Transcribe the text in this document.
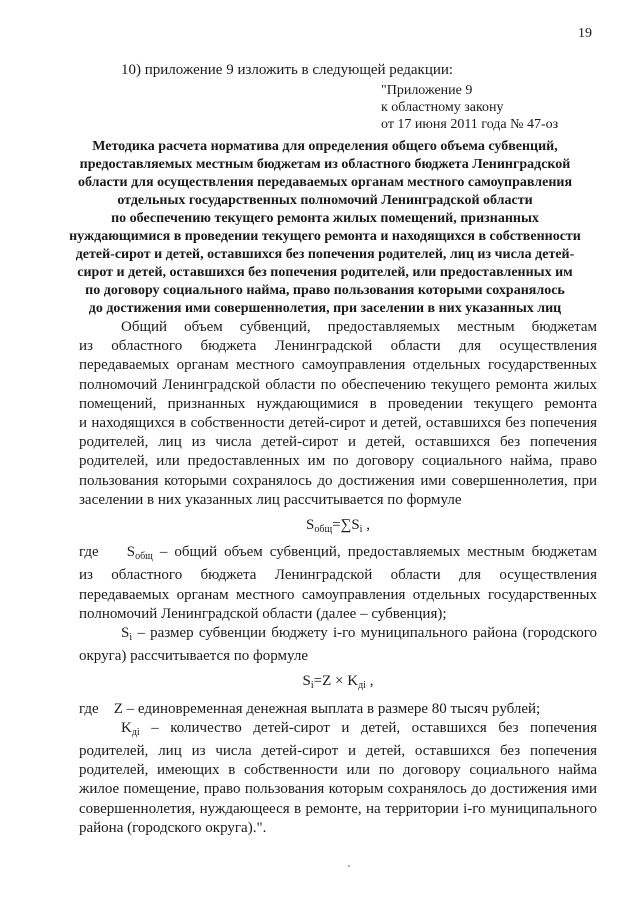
19
10) приложение 9 изложить в следующей редакции:
"Приложение 9
к областному закону
от 17 июня 2011 года № 47-оз
Методика расчета норматива для определения общего объема субвенций,
предоставляемых местным бюджетам из областного бюджета Ленинградской
области для осуществления передаваемых органам местного самоуправления
отдельных государственных полномочий Ленинградской области
по обеспечению текущего ремонта жилых помещений, признанных
нуждающимися в проведении текущего ремонта и находящихся в собственности
детей-сирот и детей, оставшихся без попечения родителей, лиц из числа детей-
сирот и детей, оставшихся без попечения родителей, или предоставленных им
по договору социального найма, право пользования которыми сохранялось
до достижения ими совершеннолетия, при заселении в них указанных лиц
Общий объем субвенций, предоставляемых местным бюджетам
из областного бюджета Ленинградской области для осуществления
передаваемых органам местного самоуправления отдельных государственных
полномочий Ленинградской области по обеспечению текущего ремонта жилых
помещений, признанных нуждающимися в проведении текущего ремонта
и находящихся в собственности детей-сирот и детей, оставшихся без попечения
родителей, лиц из числа детей-сирот и детей, оставшихся без попечения
родителей, или предоставленных им по договору социального найма, право
пользования которыми сохранялось до достижения ими совершеннолетия, при
заселении в них указанных лиц рассчитывается по формуле
$S_{общ}=\sum S_i$ ,
где $S_{общ}$ – общий объем субвенций, предоставляемых местным бюджетам
из областного бюджета Ленинградской области для осуществления
передаваемых органам местного самоуправления отдельных государственных
полномочий Ленинградской области (далее – субвенция);
$S_i$ – размер субвенции бюджету i-го муниципального района (городского
округа) рассчитывается по формуле
$S_i=Z \times K_{дi}$ ,
где Z – единовременная денежная выплата в размере 80 тысяч рублей;
$K_{дi}$ – количество детей-сирот и детей, оставшихся без попечения
родителей, лиц из числа детей-сирот и детей, оставшихся без попечения
родителей, имеющих в собственности или по договору социального найма
жилое помещение, право пользования которым сохранялось до достижения ими
совершеннолетия, нуждающееся в ремонте, на территории i-го муниципального
района (городского округа).".
